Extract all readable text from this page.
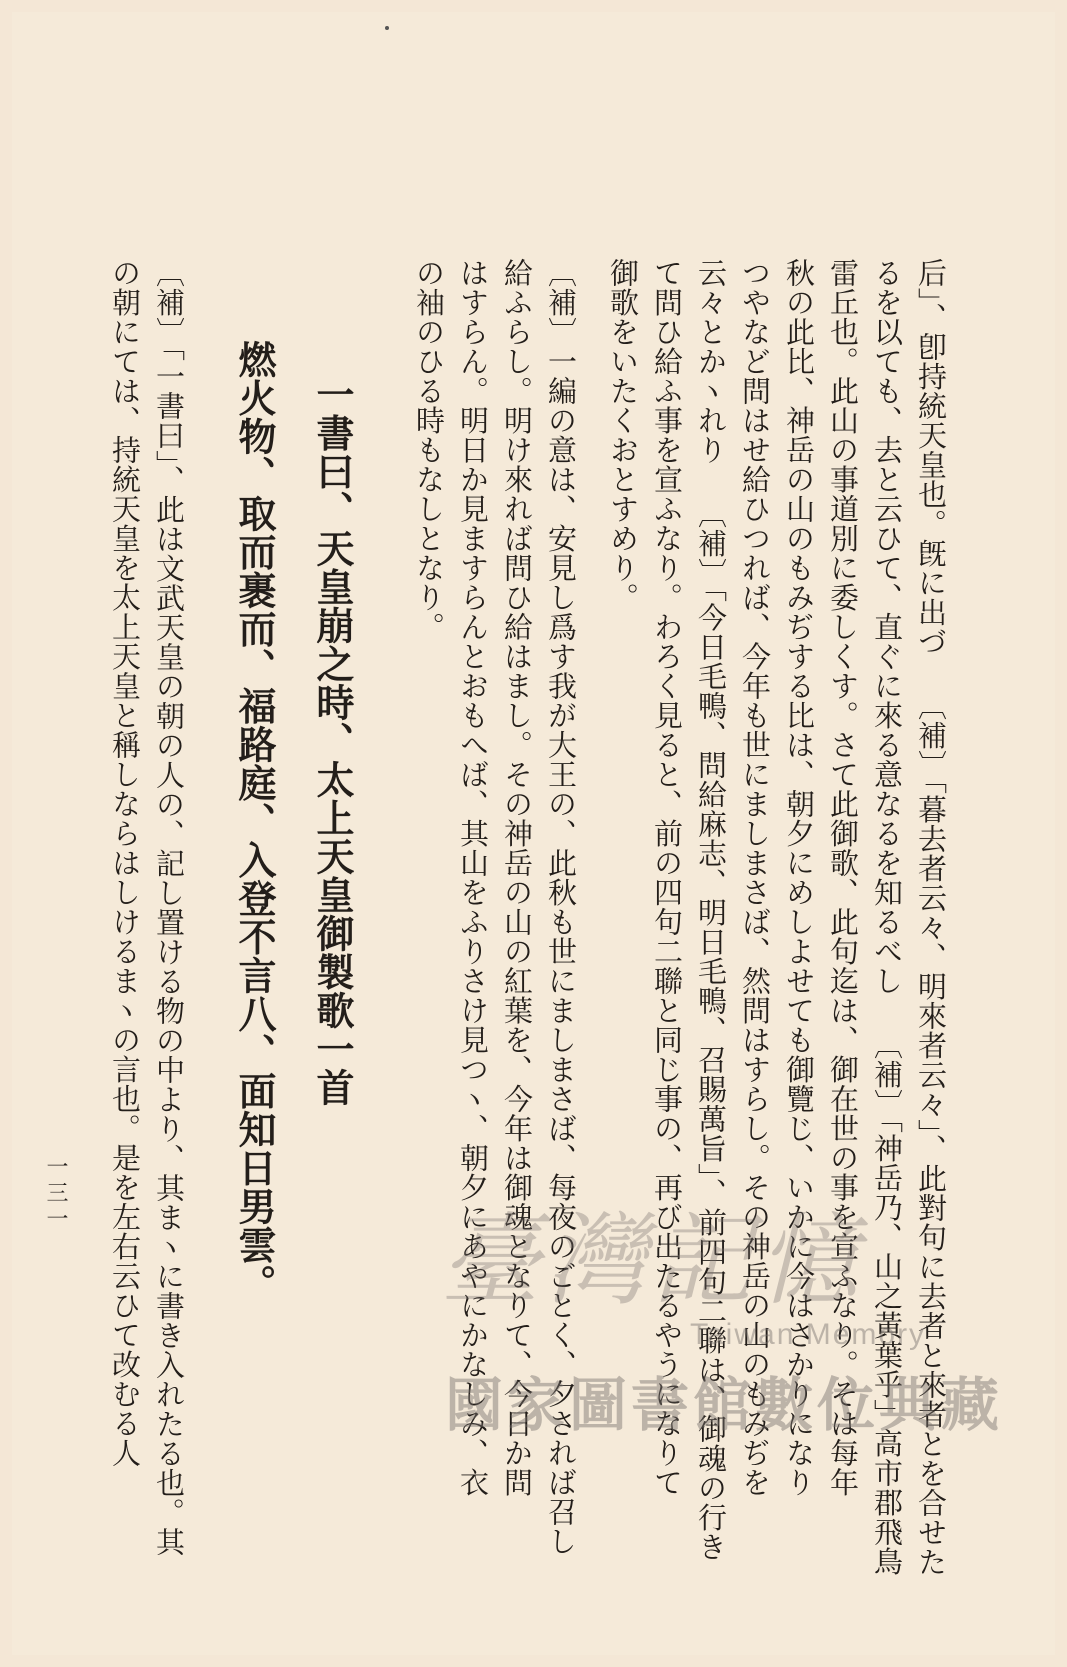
后」、卽持統天皇也。旣に出づ 〔補〕「暮去者云々、明來者云々」、此對句に去者と來者とを合せた
るを以ても、去と云ひて、直ぐに來る意なるを知るべし 〔補〕「神岳乃、山之黃葉乎」高市郡飛鳥
雷丘也。此山の事道別に委しくす。さて此御歌、此句迄は、御在世の事を宣ふなり。そは每年
秋の此比、神岳の山のもみぢする比は、朝夕にめしよせても御覽じ、いかに今はさかりになり
つやなど問はせ給ひつれば、今年も世にましまさば、然問はすらし。その神岳の山のもみぢを
云々とかヽれり 〔補〕「今日毛鴨、問給麻志、明日毛鴨、召賜萬旨」、前四句二聯は、御魂の行き
て問ひ給ふ事を宣ふなり。わろく見ると、前の四句二聯と同じ事の、再び出たるやうになりて
御歌をいたくおとすめり。
〔補〕一編の意は、安見し爲す我が大王の、此秋も世にましまさば、每夜のごとく、夕されば召し
給ふらし。明け來れば問ひ給はまし。その神岳の山の紅葉を、今年は御魂となりて、今日か問
はすらん。明日か見ますらんとおもへば、其山をふりさけ見つヽ、朝夕にあやにかなしみ、衣
の袖のひる時もなしとなり。
一書曰、天皇崩之時、太上天皇御製歌一首
燃火物、取而裹而、福路庭、入登不言八、面知日男雲。
〔補〕「一書曰」、此は文武天皇の朝の人の、記し置ける物の中より、其まヽに書き入れたる也。其
の朝にては、持統天皇を太上天皇と稱しならはしけるまヽの言也。是を左右云ひて改むる人
一三一
臺灣記憶
Taiwan Memory
國家圖書館數位典藏
